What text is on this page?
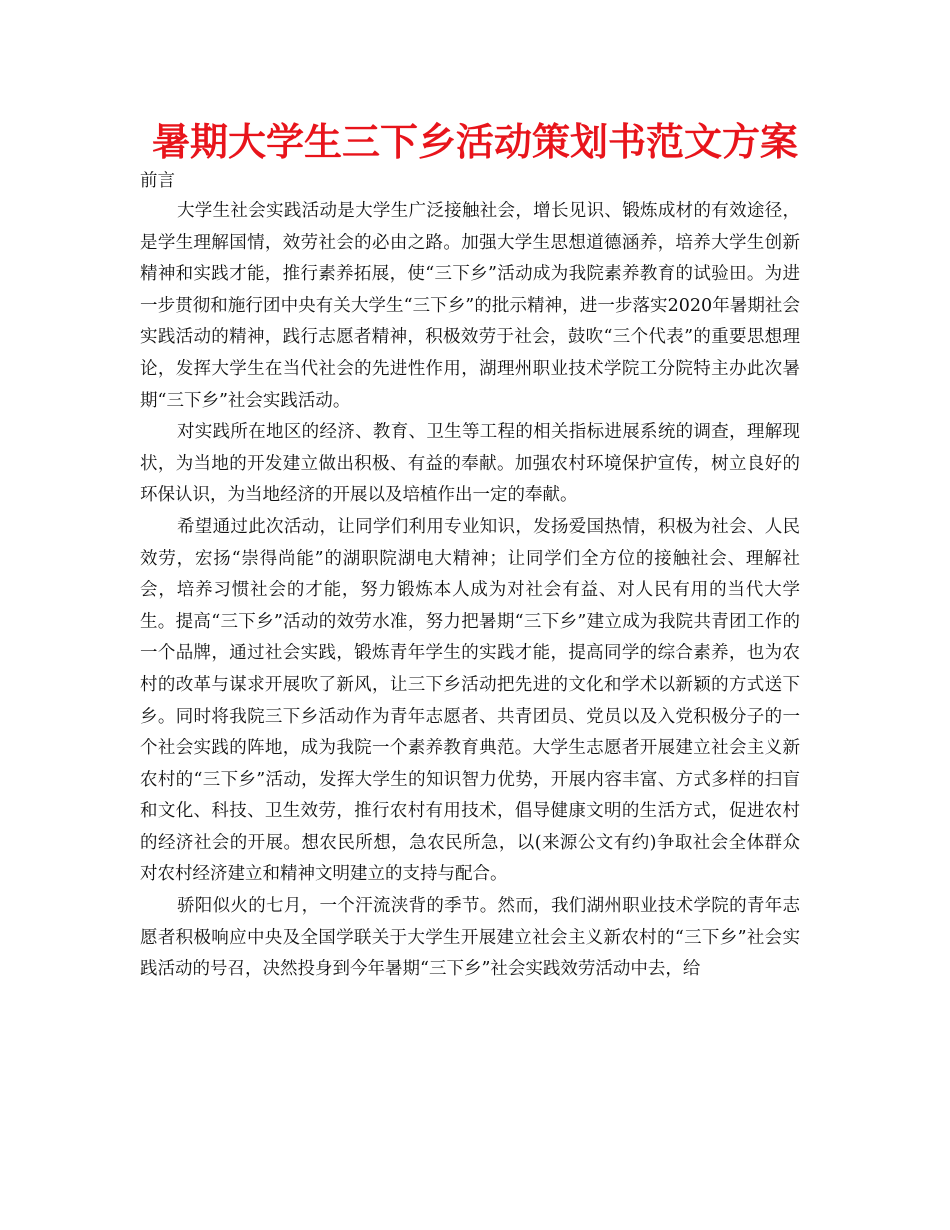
暑期大学生三下乡活动策划书范文方案

前言

大学生社会实践活动是大学生广泛接触社会，增长见识、锻炼成材的有效途径，是学生理解国情，效劳社会的必由之路。加强大学生思想道德涵养，培养大学生创新精神和实践才能，推行素养拓展，使“三下乡”活动成为我院素养教育的试验田。为进一步贯彻和施行团中央有关大学生“三下乡”的批示精神，进一步落实2020年暑期社会实践活动的精神，践行志愿者精神，积极效劳于社会，鼓吹“三个代表”的重要思想理论，发挥大学生在当代社会的先进性作用，湖理州职业技术学院工分院特主办此次暑期“三下乡”社会实践活动。

对实践所在地区的经济、教育、卫生等工程的相关指标进展系统的调查，理解现状，为当地的开发建立做出积极、有益的奉献。加强农村环境保护宣传，树立良好的环保认识，为当地经济的开展以及培植作出一定的奉献。

希望通过此次活动，让同学们利用专业知识，发扬爱国热情，积极为社会、人民效劳，宏扬“崇得尚能”的湖职院湖电大精神；让同学们全方位的接触社会、理解社会，培养习惯社会的才能，努力锻炼本人成为对社会有益、对人民有用的当代大学生。提高“三下乡”活动的效劳水准，努力把暑期“三下乡”建立成为我院共青团工作的一个品牌，通过社会实践，锻炼青年学生的实践才能，提高同学的综合素养，也为农村的改革与谋求开展吹了新风，让三下乡活动把先进的文化和学术以新颖的方式送下乡。同时将我院三下乡活动作为青年志愿者、共青团员、党员以及入党积极分子的一个社会实践的阵地，成为我院一个素养教育典范。大学生志愿者开展建立社会主义新农村的“三下乡”活动，发挥大学生的知识智力优势，开展内容丰富、方式多样的扫盲和文化、科技、卫生效劳，推行农村有用技术，倡导健康文明的生活方式，促进农村的经济社会的开展。想农民所想，急农民所急，以(来源公文有约)争取社会全体群众对农村经济建立和精神文明建立的支持与配合。

骄阳似火的七月，一个汗流浃背的季节。然而，我们湖州职业技术学院的青年志愿者积极响应中央及全国学联关于大学生开展建立社会主义新农村的“三下乡”社会实践活动的号召，决然投身到今年暑期“三下乡”社会实践效劳活动中去，给
